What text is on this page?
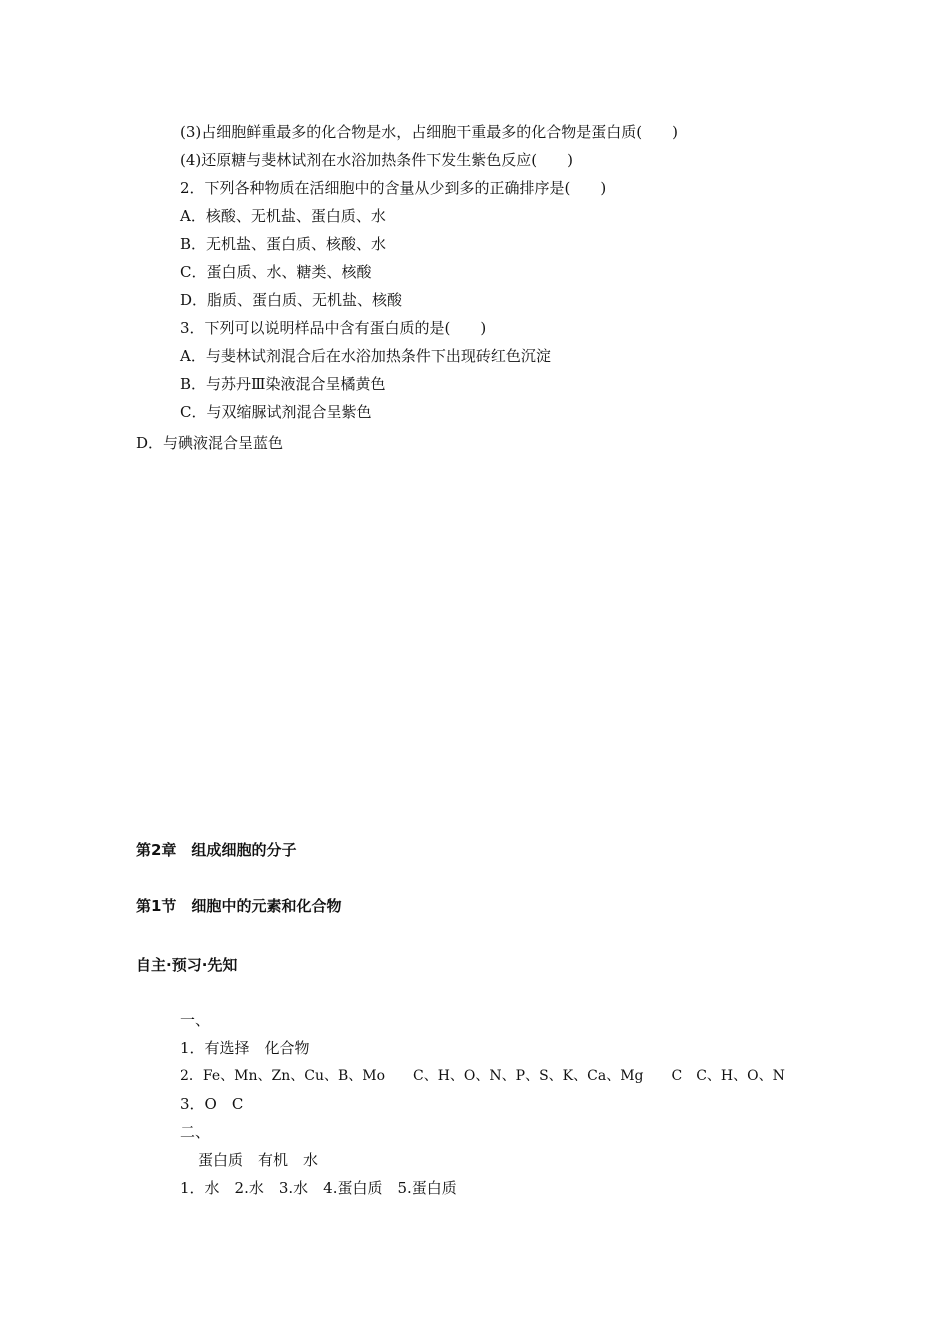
(3)占细胞鲜重最多的化合物是水，占细胞干重最多的化合物是蛋白质(　　)
(4)还原糖与斐林试剂在水浴加热条件下发生紫色反应(　　)
2．下列各种物质在活细胞中的含量从少到多的正确排序是(　　)
A．核酸、无机盐、蛋白质、水
B．无机盐、蛋白质、核酸、水
C．蛋白质、水、糖类、核酸
D．脂质、蛋白质、无机盐、核酸
3．下列可以说明样品中含有蛋白质的是(　　)
A．与斐林试剂混合后在水浴加热条件下出现砖红色沉淀
B．与苏丹Ⅲ染液混合呈橘黄色
C．与双缩脲试剂混合呈紫色
D．与碘液混合呈蓝色
第2章　组成细胞的分子
第1节　细胞中的元素和化合物
自主·预习·先知
一、
1．有选择　化合物
2．Fe、Mn、Zn、Cu、B、Mo　　C、H、O、N、P、S、K、Ca、Mg　　C　C、H、O、N
3．O　C
二、
蛋白质　有机　水
1．水　2.水　3.水　4.蛋白质　5.蛋白质
